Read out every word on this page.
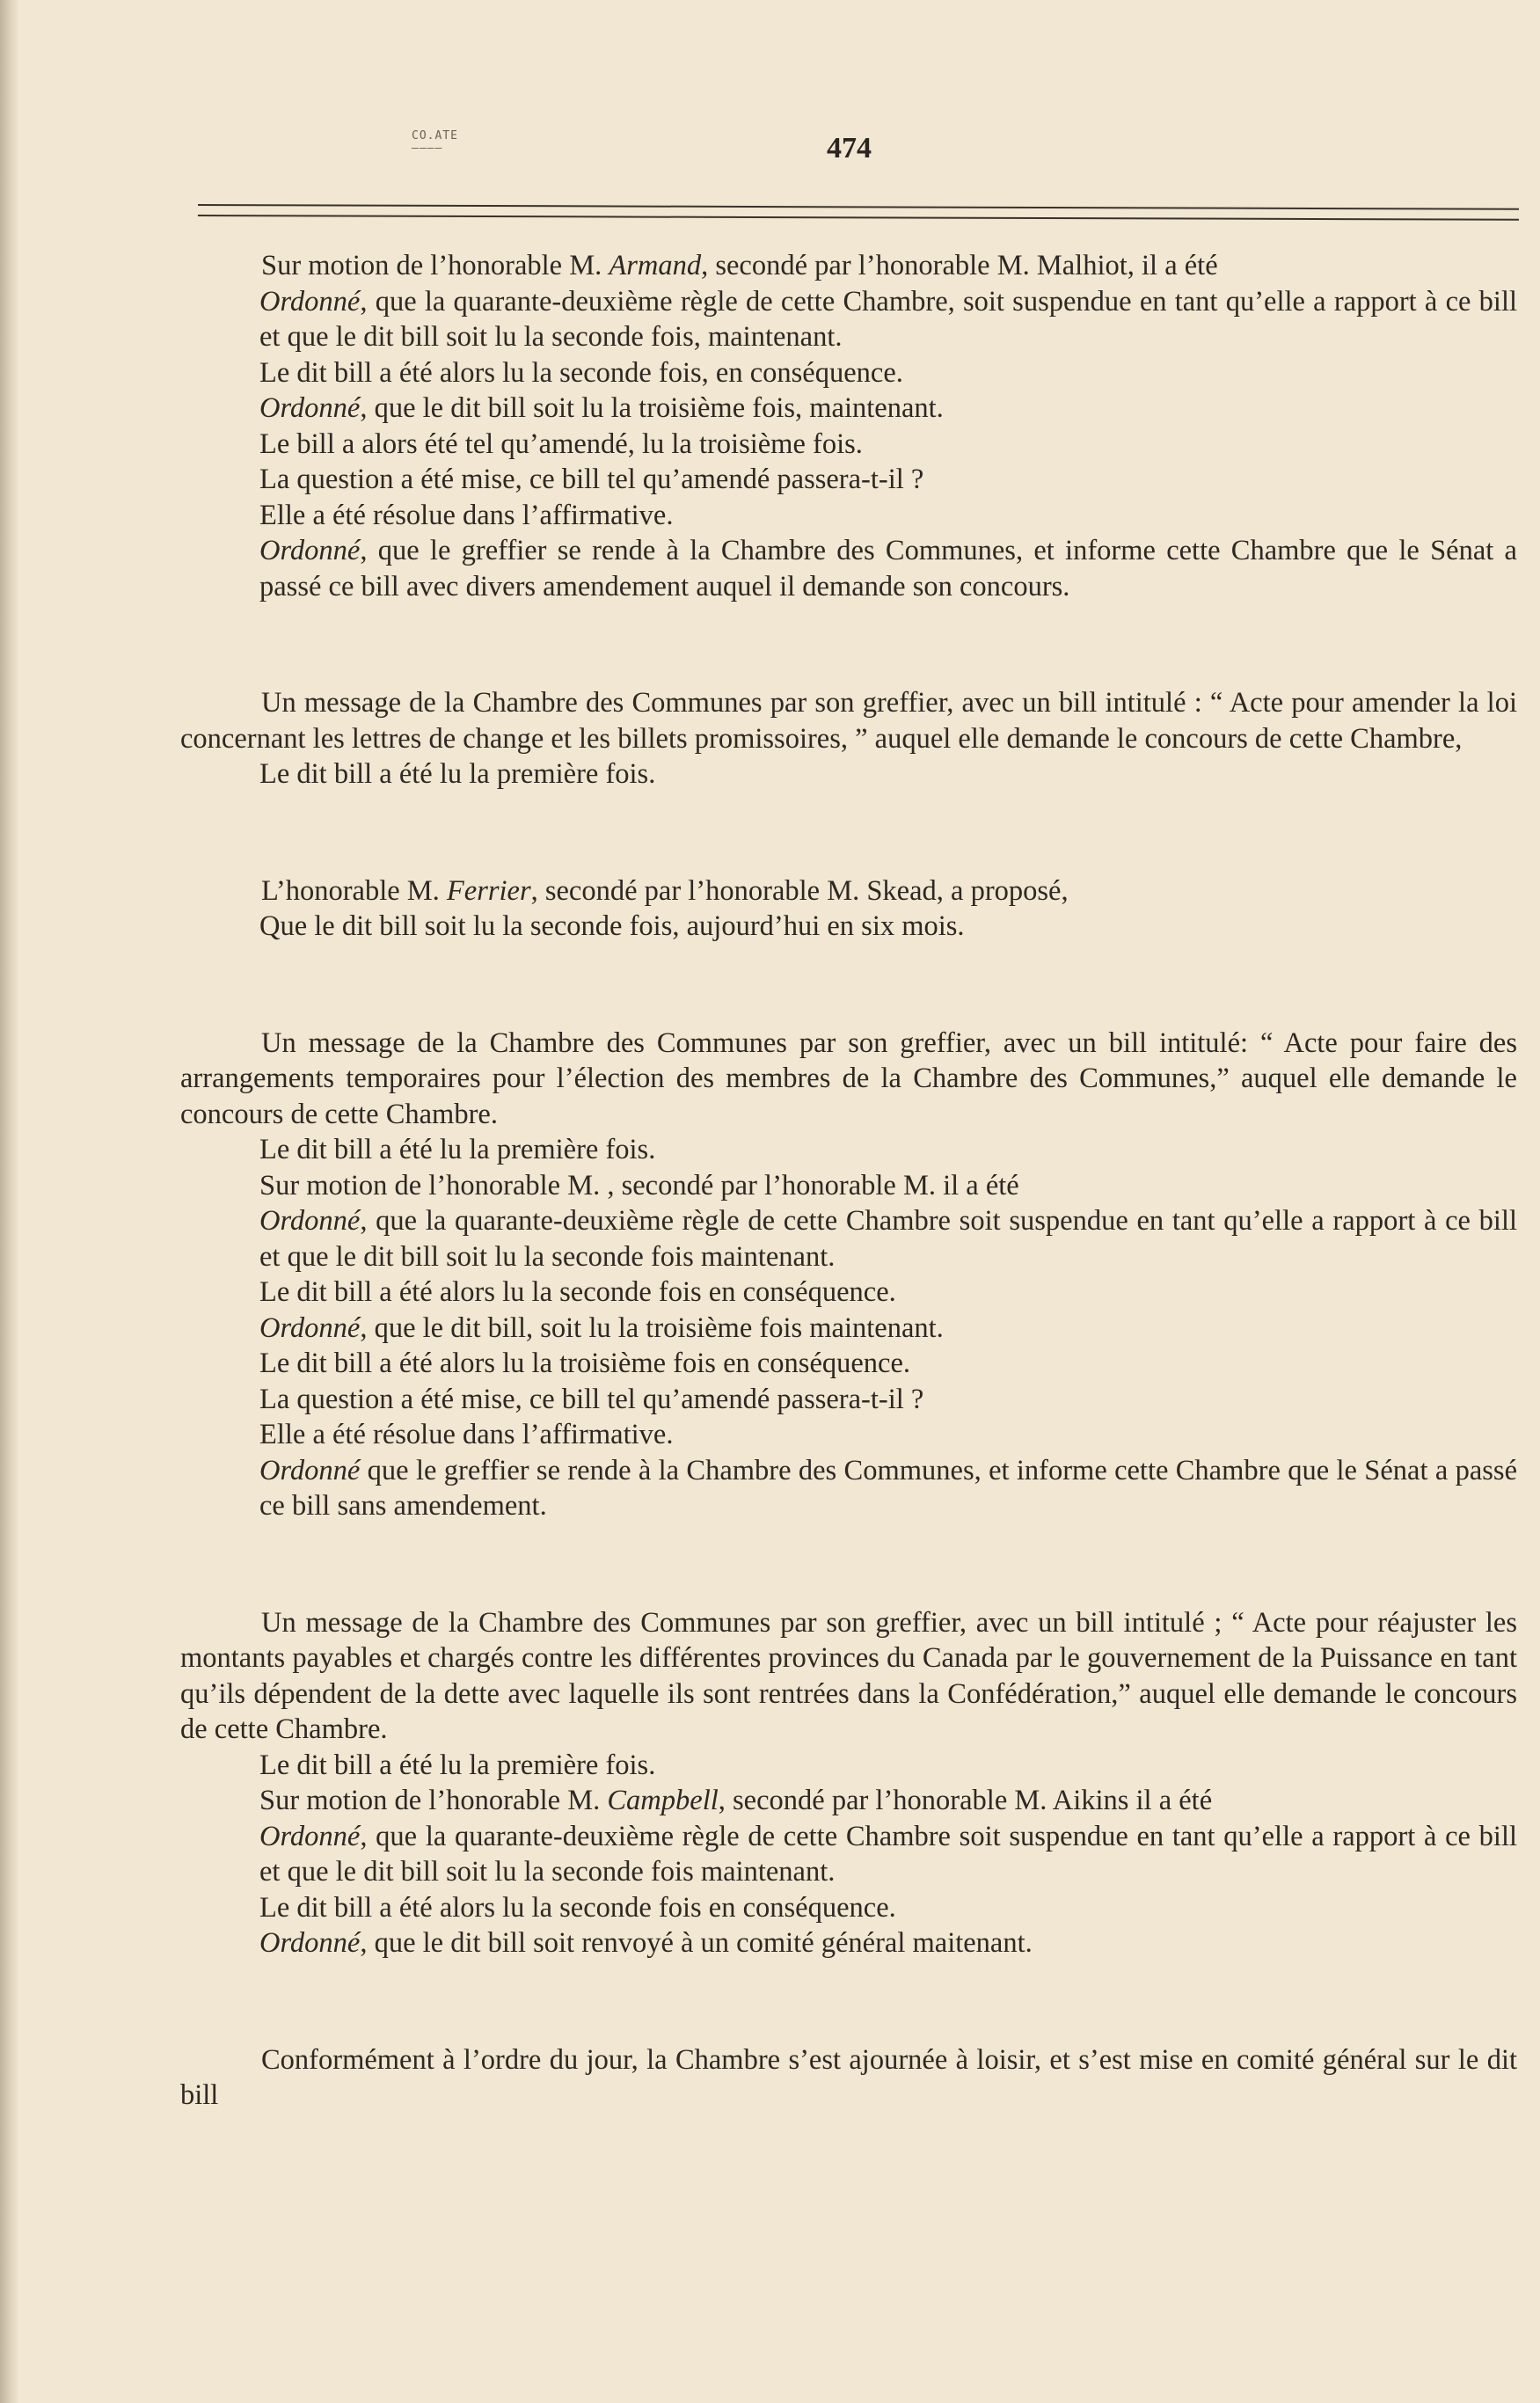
CO.ATE ————	474

Sur motion de l’honorable M. Armand, secondé par l’honorable M. Malhiot, il a été

Ordonné, que la quarante-deuxième règle de cette Chambre, soit suspendue en tant qu’elle a rapport à ce bill et que le dit bill soit lu la seconde fois, maintenant.

Le dit bill a été alors lu la seconde fois, en conséquence.

Ordonné, que le dit bill soit lu la troisième fois, maintenant.

Le bill a alors été tel qu’amendé, lu la troisième fois.

La question a été mise, ce bill tel qu’amendé passera-t-il ?

Elle a été résolue dans l’affirmative.

Ordonné, que le greffier se rende à la Chambre des Communes, et informe cette Chambre que le Sénat a passé ce bill avec divers amendement auquel il demande son concours.

Un message de la Chambre des Communes par son greffier, avec un bill intitulé : “ Acte pour amender la loi concernant les lettres de change et les billets promissoires, ” auquel elle demande le concours de cette Chambre,

Le dit bill a été lu la première fois.

L’honorable M. Ferrier, secondé par l’honorable M. Skead, a proposé,

Que le dit bill soit lu la seconde fois, aujourd’hui en six mois.

Un message de la Chambre des Communes par son greffier, avec un bill intitulé: “ Acte pour faire des arrangements temporaires pour l’élection des membres de la Chambre des Communes,” auquel elle demande le concours de cette Chambre.

Le dit bill a été lu la première fois.

Sur motion de l’honorable M. , secondé par l’honorable M. il a été

Ordonné, que la quarante-deuxième règle de cette Chambre soit suspendue en tant qu’elle a rapport à ce bill et que le dit bill soit lu la seconde fois maintenant.

Le dit bill a été alors lu la seconde fois en conséquence.

Ordonné, que le dit bill, soit lu la troisième fois maintenant.

Le dit bill a été alors lu la troisième fois en conséquence.

La question a été mise, ce bill tel qu’amendé passera-t-il ?

Elle a été résolue dans l’affirmative.

Ordonné que le greffier se rende à la Chambre des Communes, et informe cette Chambre que le Sénat a passé ce bill sans amendement.

Un message de la Chambre des Communes par son greffier, avec un bill intitulé ; “ Acte pour réajuster les montants payables et chargés contre les différentes provinces du Canada par le gouvernement de la Puissance en tant qu’ils dépendent de la dette avec laquelle ils sont rentrées dans la Confédération,” auquel elle demande le concours de cette Chambre.

Le dit bill a été lu la première fois.

Sur motion de l’honorable M. Campbell, secondé par l’honorable M. Aikins il a été

Ordonné, que la quarante-deuxième règle de cette Chambre soit suspendue en tant qu’elle a rapport à ce bill et que le dit bill soit lu la seconde fois maintenant.

Le dit bill a été alors lu la seconde fois en conséquence.

Ordonné, que le dit bill soit renvoyé à un comité général maitenant.

Conformément à l’ordre du jour, la Chambre s’est ajournée à loisir, et s’est mise en comité général sur le dit bill
